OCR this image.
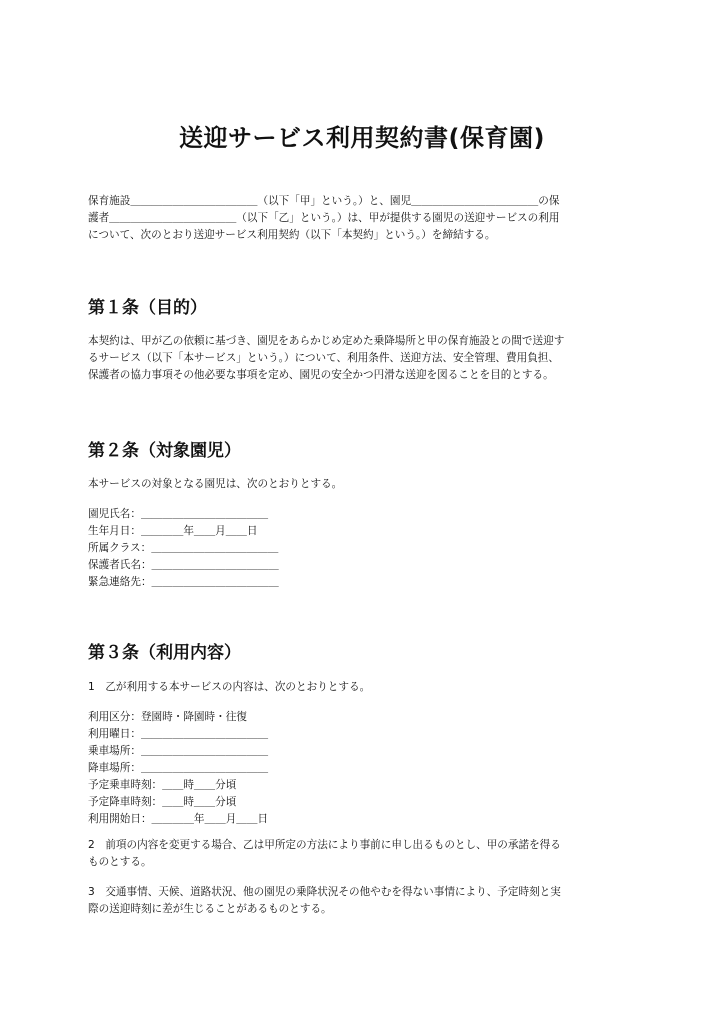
送迎サービス利用契約書(保育園)

保育施設＿＿＿＿＿＿＿＿＿＿＿＿（以下「甲」という。）と、園児＿＿＿＿＿＿＿＿＿＿＿＿の保
護者＿＿＿＿＿＿＿＿＿＿＿＿（以下「乙」という。）は、甲が提供する園児の送迎サービスの利用
について、次のとおり送迎サービス利用契約（以下「本契約」という。）を締結する。

第１条（目的）

本契約は、甲が乙の依頼に基づき、園児をあらかじめ定めた乗降場所と甲の保育施設との間で送迎す
るサービス（以下「本サービス」という。）について、利用条件、送迎方法、安全管理、費用負担、
保護者の協力事項その他必要な事項を定め、園児の安全かつ円滑な送迎を図ることを目的とする。

第２条（対象園児）

本サービスの対象となる園児は、次のとおりとする。

園児氏名：＿＿＿＿＿＿＿＿＿＿＿＿
生年月日：＿＿＿＿年＿＿月＿＿日
所属クラス：＿＿＿＿＿＿＿＿＿＿＿＿
保護者氏名：＿＿＿＿＿＿＿＿＿＿＿＿
緊急連絡先：＿＿＿＿＿＿＿＿＿＿＿＿
第３条（利用内容）

1　乙が利用する本サービスの内容は、次のとおりとする。

利用区分：登園時・降園時・往復
利用曜日：＿＿＿＿＿＿＿＿＿＿＿＿
乗車場所：＿＿＿＿＿＿＿＿＿＿＿＿
降車場所：＿＿＿＿＿＿＿＿＿＿＿＿
予定乗車時刻：＿＿時＿＿分頃
予定降車時刻：＿＿時＿＿分頃
利用開始日：＿＿＿＿年＿＿月＿＿日

2　前項の内容を変更する場合、乙は甲所定の方法により事前に申し出るものとし、甲の承諾を得る
ものとする。

3　交通事情、天候、道路状況、他の園児の乗降状況その他やむを得ない事情により、予定時刻と実
際の送迎時刻に差が生じることがあるものとする。
